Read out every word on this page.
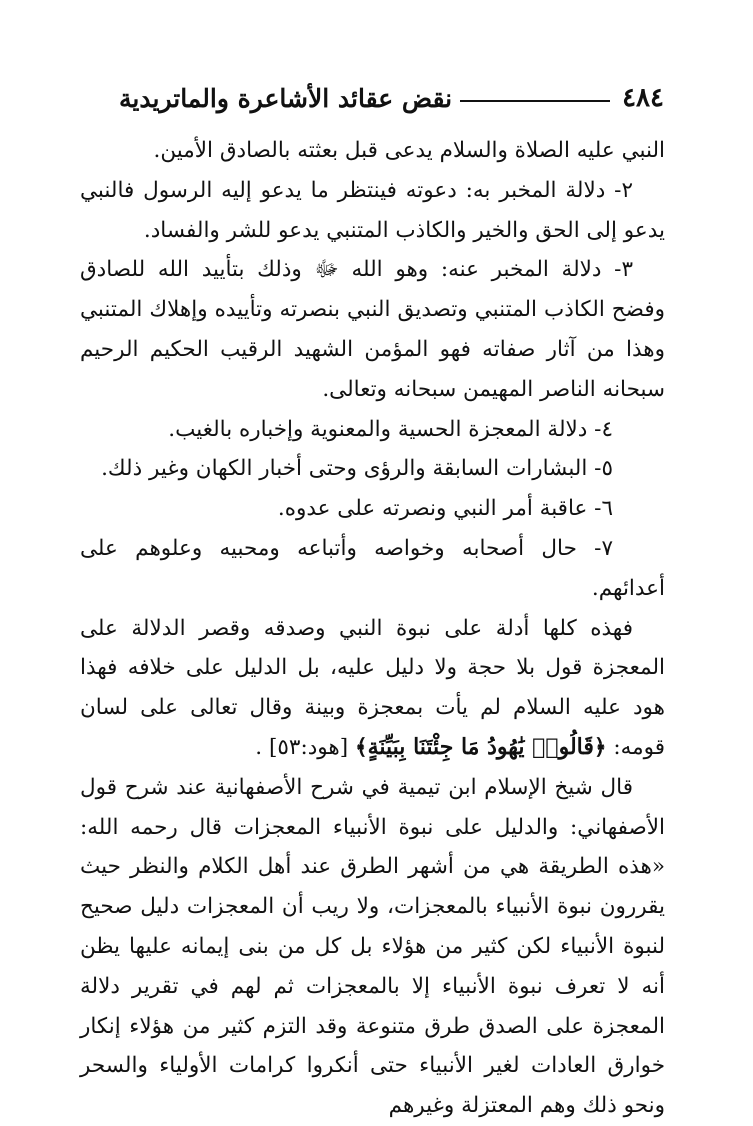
٤٨٤
نقض عقائد الأشاعرة والماتريدية

النبي عليه الصلاة والسلام يدعى قبل بعثته بالصادق الأمين.

٢- دلالة المخبر به: دعوته فينتظر ما يدعو إليه الرسول فالنبي يدعو إلى الحق والخير والكاذب المتنبي يدعو للشر والفساد.

٣- دلالة المخبر عنه: وهو الله ﷻ وذلك بتأييد الله للصادق وفضح الكاذب المتنبي وتصديق النبي بنصرته وتأييده وإهلاك المتنبي وهذا من آثار صفاته فهو المؤمن الشهيد الرقيب الحكيم الرحيم سبحانه الناصر المهيمن سبحانه وتعالى.

٤- دلالة المعجزة الحسية والمعنوية وإخباره بالغيب.

٥- البشارات السابقة والرؤى وحتى أخبار الكهان وغير ذلك.

٦- عاقبة أمر النبي ونصرته على عدوه.

٧- حال أصحابه وخواصه وأتباعه ومحبيه وعلوهم على أعدائهم.

فهذه كلها أدلة على نبوة النبي وصدقه وقصر الدلالة على المعجزة قول بلا حجة ولا دليل عليه، بل الدليل على خلافه فهذا هود عليه السلام لم يأت بمعجزة وبينة وقال تعالى على لسان قومه: ﴿قَالُوا۟ يَٰهُودُ مَا جِئْتَنَا بِبَيِّنَةٍ﴾ [هود:٥٣] .

قال شيخ الإسلام ابن تيمية في شرح الأصفهانية عند شرح قول الأصفهاني: والدليل على نبوة الأنبياء المعجزات قال رحمه الله: «هذه الطريقة هي من أشهر الطرق عند أهل الكلام والنظر حيث يقررون نبوة الأنبياء بالمعجزات، ولا ريب أن المعجزات دليل صحيح لنبوة الأنبياء لكن كثير من هؤلاء بل كل من بنى إيمانه عليها يظن أنه لا تعرف نبوة الأنبياء إلا بالمعجزات ثم لهم في تقرير دلالة المعجزة على الصدق طرق متنوعة وقد التزم كثير من هؤلاء إنكار خوارق العادات لغير الأنبياء حتى أنكروا كرامات الأولياء والسحر ونحو ذلك وهم المعتزلة وغيرهم
